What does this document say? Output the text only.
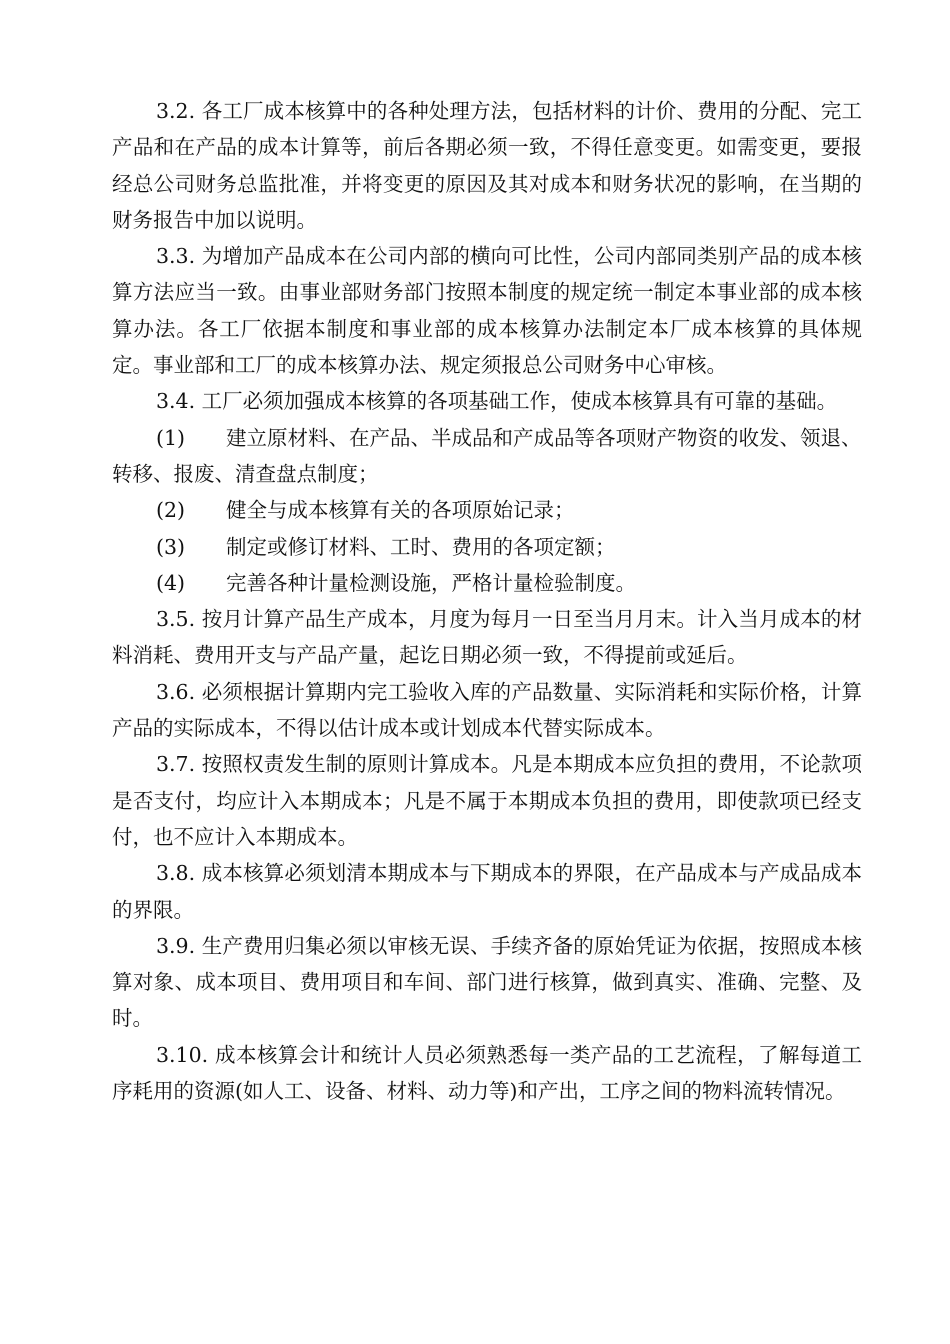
3.2. 各工厂成本核算中的各种处理方法，包括材料的计价、费用的分配、完工产品和在产品的成本计算等，前后各期必须一致，不得任意变更。如需变更，要报经总公司财务总监批准，并将变更的原因及其对成本和财务状况的影响，在当期的财务报告中加以说明。

3.3. 为增加产品成本在公司内部的横向可比性，公司内部同类别产品的成本核算方法应当一致。由事业部财务部门按照本制度的规定统一制定本事业部的成本核算办法。各工厂依据本制度和事业部的成本核算办法制定本厂成本核算的具体规定。事业部和工厂的成本核算办法、规定须报总公司财务中心审核。

3.4. 工厂必须加强成本核算的各项基础工作，使成本核算具有可靠的基础。

(1) 建立原材料、在产品、半成品和产成品等各项财产物资的收发、领退、转移、报废、清查盘点制度；

(2) 健全与成本核算有关的各项原始记录；

(3) 制定或修订材料、工时、费用的各项定额；

(4) 完善各种计量检测设施，严格计量检验制度。

3.5. 按月计算产品生产成本，月度为每月一日至当月月末。计入当月成本的材料消耗、费用开支与产品产量，起讫日期必须一致，不得提前或延后。

3.6. 必须根据计算期内完工验收入库的产品数量、实际消耗和实际价格，计算产品的实际成本，不得以估计成本或计划成本代替实际成本。

3.7. 按照权责发生制的原则计算成本。凡是本期成本应负担的费用，不论款项是否支付，均应计入本期成本；凡是不属于本期成本负担的费用，即使款项已经支付，也不应计入本期成本。

3.8. 成本核算必须划清本期成本与下期成本的界限，在产品成本与产成品成本的界限。

3.9. 生产费用归集必须以审核无误、手续齐备的原始凭证为依据，按照成本核算对象、成本项目、费用项目和车间、部门进行核算，做到真实、准确、完整、及时。

3.10. 成本核算会计和统计人员必须熟悉每一类产品的工艺流程，了解每道工序耗用的资源(如人工、设备、材料、动力等)和产出，工序之间的物料流转情况。
